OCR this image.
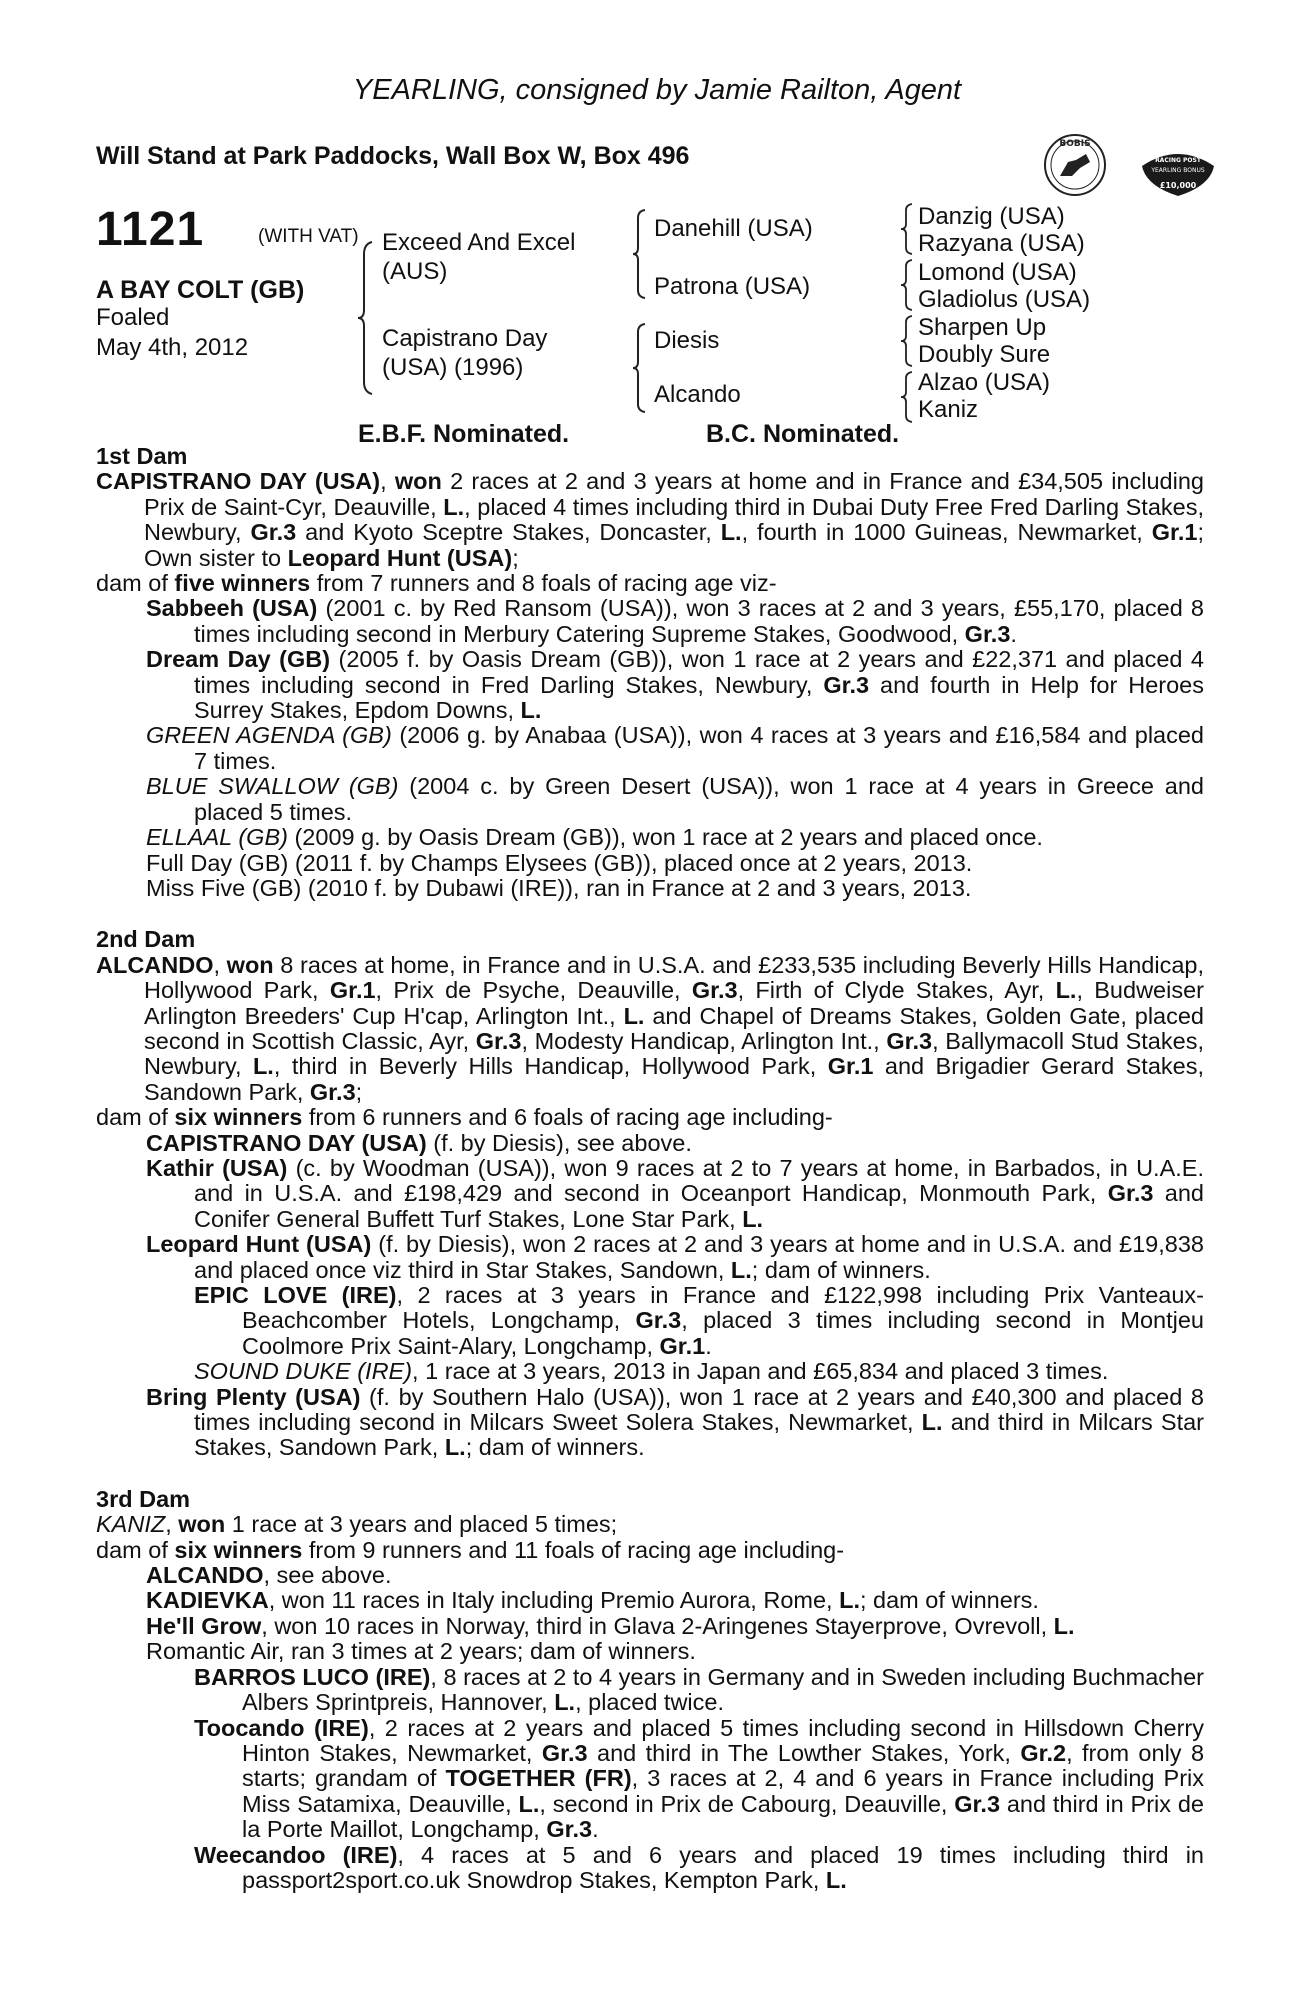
YEARLING, consigned by Jamie Railton, Agent
Will Stand at Park Paddocks, Wall Box W, Box 496	BOBIS
RACING POST
YEARLING BONUS
£10,000
1121	(WITH VAT)
A BAY COLT (GB)
Foaled
May 4th, 2012
Exceed And Excel (AUS)
Capistrano Day (USA) (1996)
Danehill (USA)
Patrona (USA)
Diesis
Alcando
Danzig (USA)
Razyana (USA)
Lomond (USA)
Gladiolus (USA)
Sharpen Up
Doubly Sure
Alzao (USA)
Kaniz
E.B.F. Nominated.	B.C. Nominated.

1st Dam

CAPISTRANO DAY (USA), won 2 races at 2 and 3 years at home and in France and £34,505 including Prix de Saint-Cyr, Deauville, L., placed 4 times including third in Dubai Duty Free Fred Darling Stakes, Newbury, Gr.3 and Kyoto Sceptre Stakes, Doncaster, L., fourth in 1000 Guineas, Newmarket, Gr.1; Own sister to Leopard Hunt (USA);

dam of five winners from 7 runners and 8 foals of racing age viz-

Sabbeeh (USA) (2001 c. by Red Ransom (USA)), won 3 races at 2 and 3 years, £55,170, placed 8 times including second in Merbury Catering Supreme Stakes, Goodwood, Gr.3.

Dream Day (GB) (2005 f. by Oasis Dream (GB)), won 1 race at 2 years and £22,371 and placed 4 times including second in Fred Darling Stakes, Newbury, Gr.3 and fourth in Help for Heroes Surrey Stakes, Epdom Downs, L.

GREEN AGENDA (GB) (2006 g. by Anabaa (USA)), won 4 races at 3 years and £16,584 and placed 7 times.

BLUE SWALLOW (GB) (2004 c. by Green Desert (USA)), won 1 race at 4 years in Greece and placed 5 times.

ELLAAL (GB) (2009 g. by Oasis Dream (GB)), won 1 race at 2 years and placed once.

Full Day (GB) (2011 f. by Champs Elysees (GB)), placed once at 2 years, 2013.

Miss Five (GB) (2010 f. by Dubawi (IRE)), ran in France at 2 and 3 years, 2013.

2nd Dam

ALCANDO, won 8 races at home, in France and in U.S.A. and £233,535 including Beverly Hills Handicap, Hollywood Park, Gr.1, Prix de Psyche, Deauville, Gr.3, Firth of Clyde Stakes, Ayr, L., Budweiser Arlington Breeders' Cup H'cap, Arlington Int., L. and Chapel of Dreams Stakes, Golden Gate, placed second in Scottish Classic, Ayr, Gr.3, Modesty Handicap, Arlington Int., Gr.3, Ballymacoll Stud Stakes, Newbury, L., third in Beverly Hills Handicap, Hollywood Park, Gr.1 and Brigadier Gerard Stakes, Sandown Park, Gr.3;

dam of six winners from 6 runners and 6 foals of racing age including-

CAPISTRANO DAY (USA) (f. by Diesis), see above.

Kathir (USA) (c. by Woodman (USA)), won 9 races at 2 to 7 years at home, in Barbados, in U.A.E. and in U.S.A. and £198,429 and second in Oceanport Handicap, Monmouth Park, Gr.3 and Conifer General Buffett Turf Stakes, Lone Star Park, L.

Leopard Hunt (USA) (f. by Diesis), won 2 races at 2 and 3 years at home and in U.S.A. and £19,838 and placed once viz third in Star Stakes, Sandown, L.; dam of winners.

EPIC LOVE (IRE), 2 races at 3 years in France and £122,998 including Prix Vanteaux-Beachcomber Hotels, Longchamp, Gr.3, placed 3 times including second in Montjeu Coolmore Prix Saint-Alary, Longchamp, Gr.1.

SOUND DUKE (IRE), 1 race at 3 years, 2013 in Japan and £65,834 and placed 3 times.

Bring Plenty (USA) (f. by Southern Halo (USA)), won 1 race at 2 years and £40,300 and placed 8 times including second in Milcars Sweet Solera Stakes, Newmarket, L. and third in Milcars Star Stakes, Sandown Park, L.; dam of winners.

3rd Dam

KANIZ, won 1 race at 3 years and placed 5 times;

dam of six winners from 9 runners and 11 foals of racing age including-

ALCANDO, see above.

KADIEVKA, won 11 races in Italy including Premio Aurora, Rome, L.; dam of winners.

He'll Grow, won 10 races in Norway, third in Glava 2-Aringenes Stayerprove, Ovrevoll, L.

Romantic Air, ran 3 times at 2 years; dam of winners.

BARROS LUCO (IRE), 8 races at 2 to 4 years in Germany and in Sweden including Buchmacher Albers Sprintpreis, Hannover, L., placed twice.

Toocando (IRE), 2 races at 2 years and placed 5 times including second in Hillsdown Cherry Hinton Stakes, Newmarket, Gr.3 and third in The Lowther Stakes, York, Gr.2, from only 8 starts; grandam of TOGETHER (FR), 3 races at 2, 4 and 6 years in France including Prix Miss Satamixa, Deauville, L., second in Prix de Cabourg, Deauville, Gr.3 and third in Prix de la Porte Maillot, Longchamp, Gr.3.

Weecandoo (IRE), 4 races at 5 and 6 years and placed 19 times including third in passport2sport.co.uk Snowdrop Stakes, Kempton Park, L.
